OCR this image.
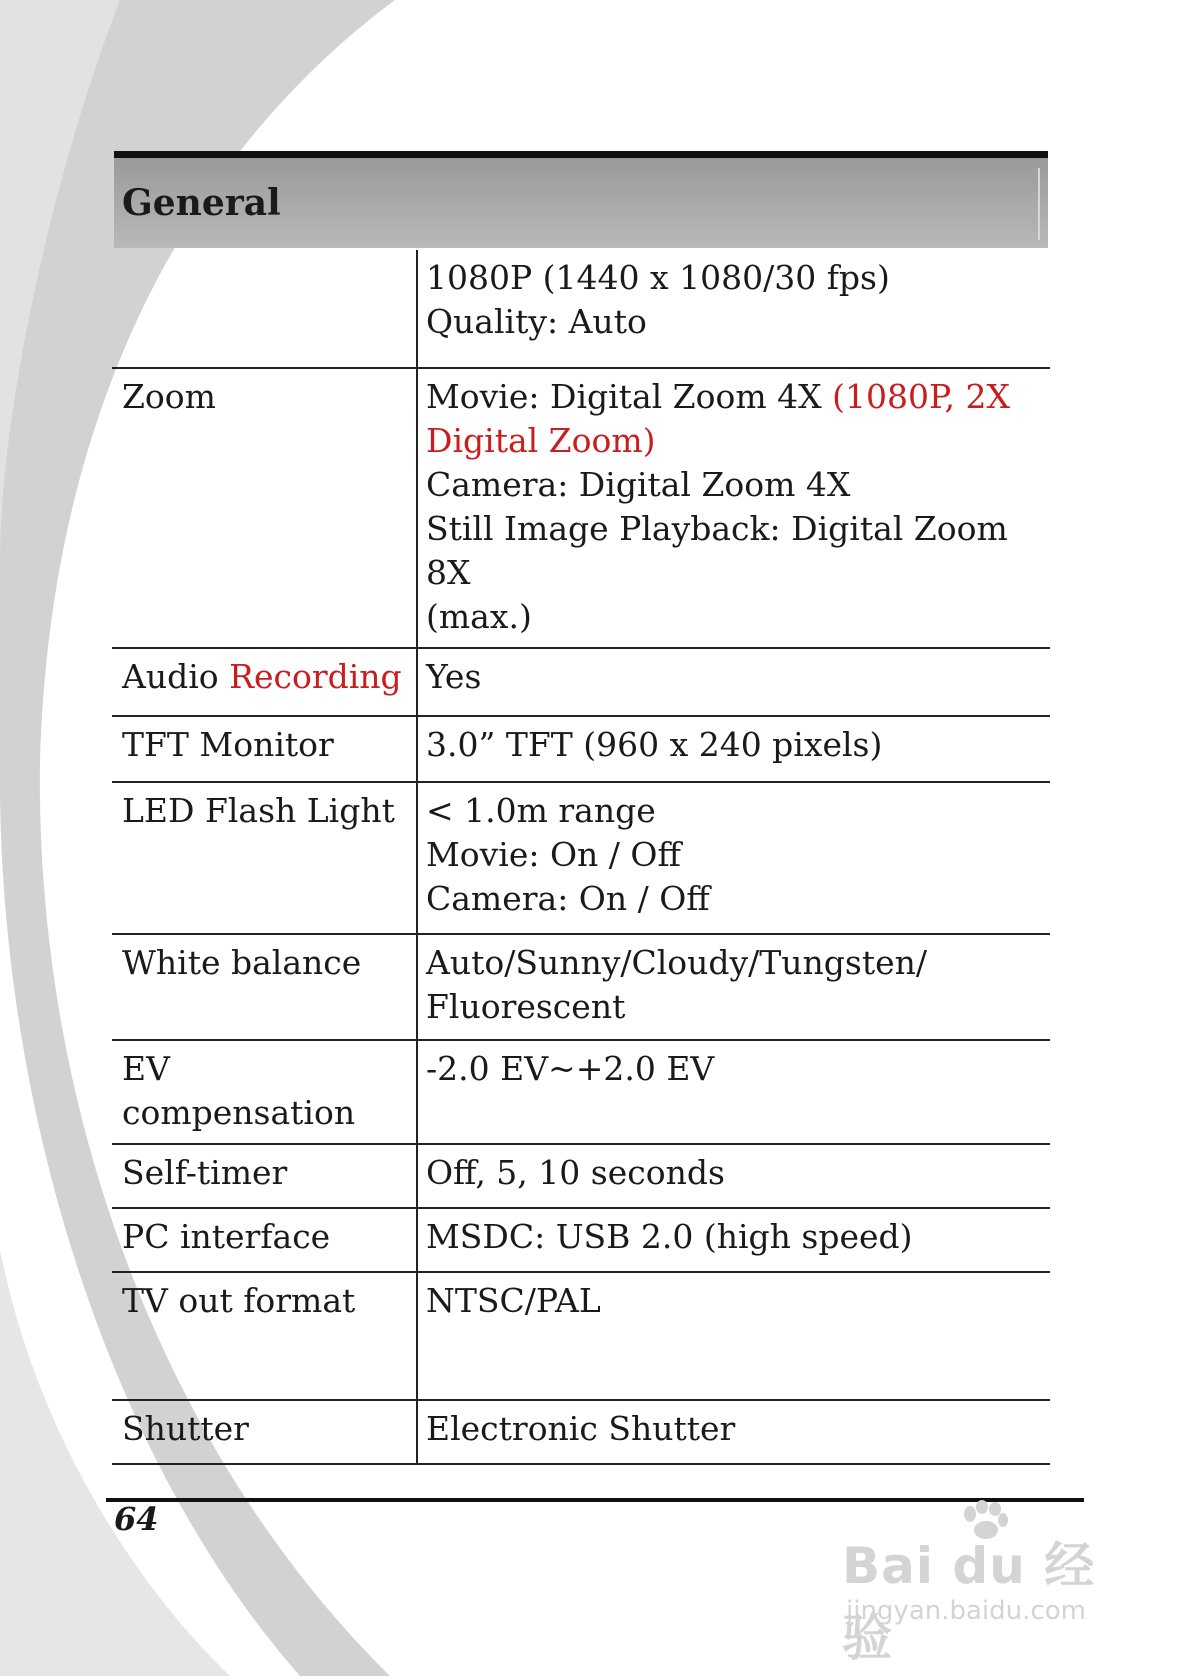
General

	1080P (1440 x 1080/30 fps)
Quality: Auto

Zoom	Movie: Digital Zoom 4X (1080P, 2X
Digital Zoom)
Camera: Digital Zoom 4X
Still Image Playback: Digital Zoom 8X
(max.)

Audio Recording	Yes

TFT Monitor	3.0” TFT (960 x 240 pixels)

LED Flash Light	< 1.0m range
Movie: On / Off
Camera: On / Off

White balance	Auto/Sunny/Cloudy/Tungsten/
Fluorescent

EV compensation	-2.0 EV~+2.0 EV

Self-timer	Off, 5, 10 seconds

PC interface	MSDC: USB 2.0 (high speed)

TV out format	NTSC/PAL

Shutter	Electronic Shutter
64
Bai du 经验
jingyan.baidu.com
